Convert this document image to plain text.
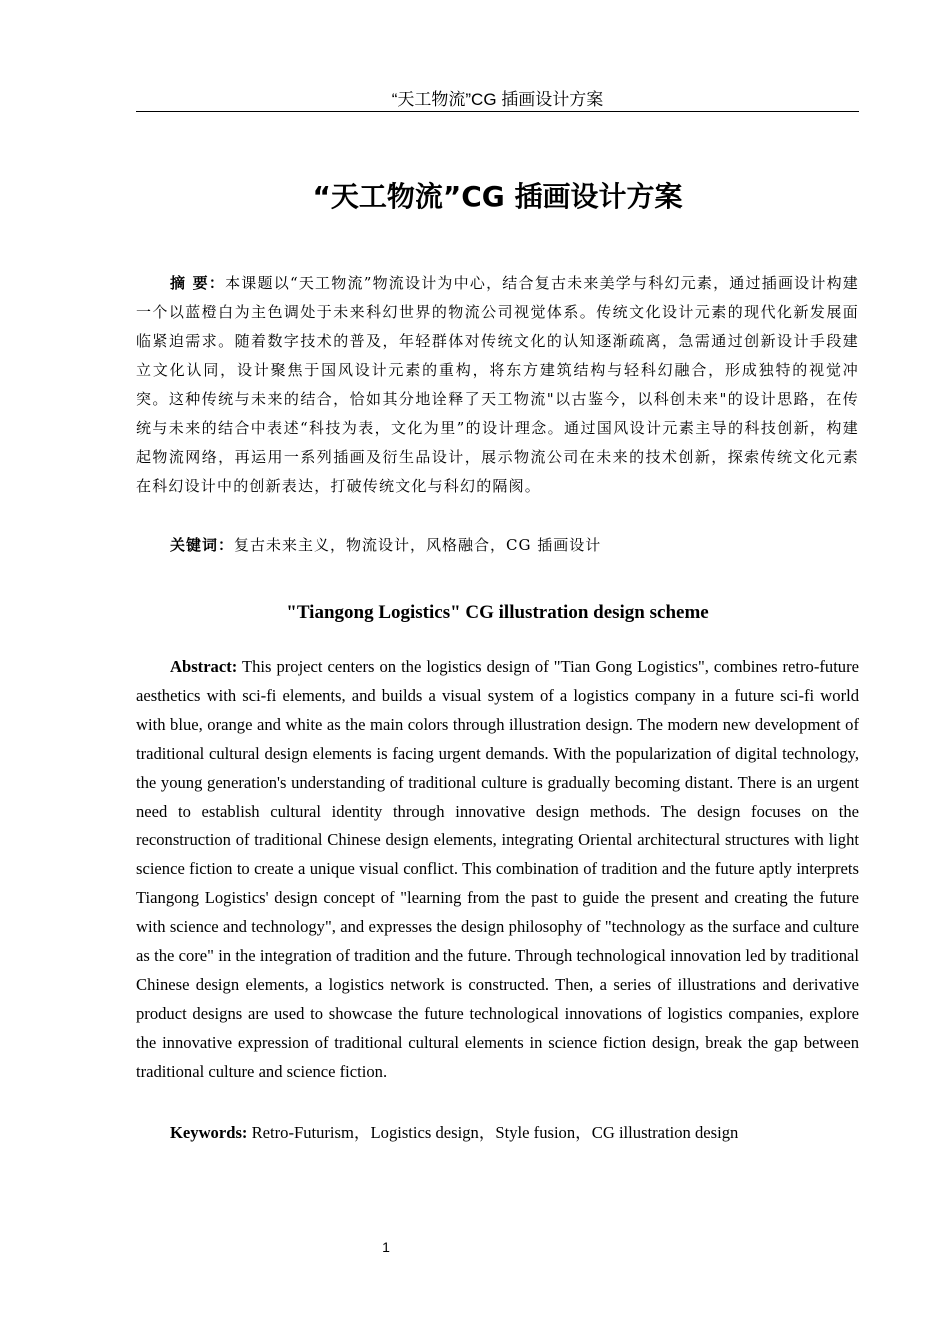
“天工物流”CG 插画设计方案
“天工物流”CG 插画设计方案

摘 要：本课题以“天工物流”物流设计为中心，结合复古未来美学与科幻元素，通过插画设计构建一个以蓝橙白为主色调处于未来科幻世界的物流公司视觉体系。传统文化设计元素的现代化新发展面临紧迫需求。随着数字技术的普及，年轻群体对传统文化的认知逐渐疏离，急需通过创新设计手段建立文化认同，设计聚焦于国风设计元素的重构，将东方建筑结构与轻科幻融合，形成独特的视觉冲突。这种传统与未来的结合，恰如其分地诠释了天工物流"以古鉴今，以科创未来"的设计思路，在传统与未来的结合中表述“科技为表，文化为里”的设计理念。通过国风设计元素主导的科技创新，构建起物流网络，再运用一系列插画及衍生品设计，展示物流公司在未来的技术创新，探索传统文化元素在科幻设计中的创新表达，打破传统文化与科幻的隔阂。

关键词：复古未来主义，物流设计，风格融合，CG 插画设计

"Tiangong Logistics" CG illustration design scheme

Abstract: This project centers on the logistics design of "Tian Gong Logistics", combines retro-future aesthetics with sci-fi elements, and builds a visual system of a logistics company in a future sci-fi world with blue, orange and white as the main colors through illustration design. The modern new development of traditional cultural design elements is facing urgent demands. With the popularization of digital technology, the young generation's understanding of traditional culture is gradually becoming distant. There is an urgent need to establish cultural identity through innovative design methods. The design focuses on the reconstruction of traditional Chinese design elements, integrating Oriental architectural structures with light science fiction to create a unique visual conflict. This combination of tradition and the future aptly interprets Tiangong Logistics' design concept of "learning from the past to guide the present and creating the future with science and technology", and expresses the design philosophy of "technology as the surface and culture as the core" in the integration of tradition and the future. Through technological innovation led by traditional Chinese design elements, a logistics network is constructed. Then, a series of illustrations and derivative product designs are used to showcase the future technological innovations of logistics companies, explore the innovative expression of traditional cultural elements in science fiction design, break the gap between traditional culture and science fiction.

Keywords: Retro-Futurism，Logistics design，Style fusion，CG illustration design

1
